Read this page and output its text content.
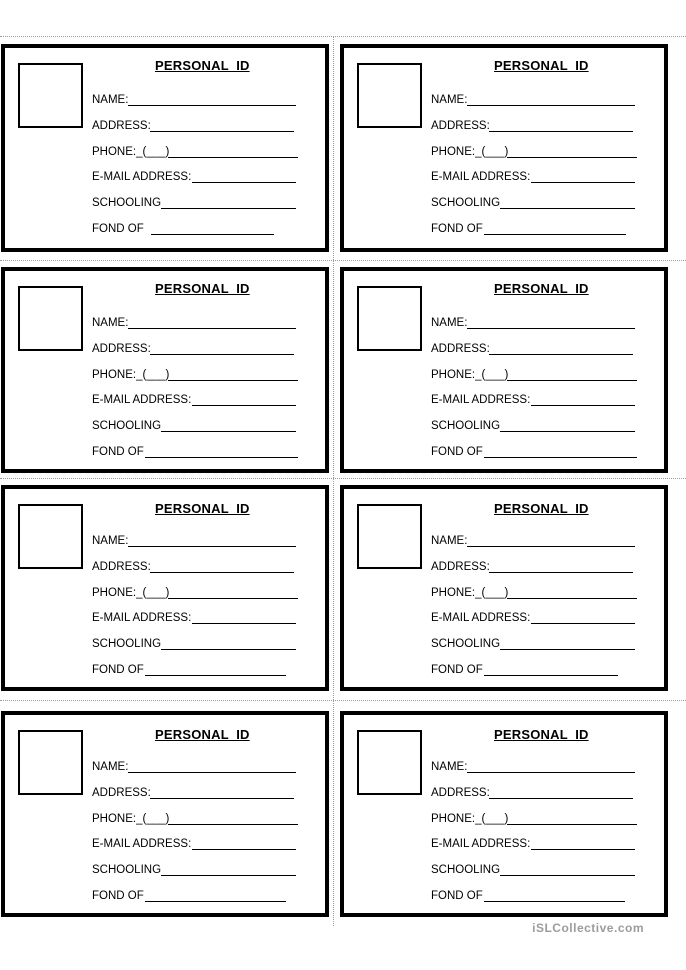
PERSONAL  ID
NAME:
ADDRESS:
PHONE:_(___)
E-MAIL ADDRESS:
SCHOOLING
FOND OF
PERSONAL  ID
NAME:
ADDRESS:
PHONE:_(___)
E-MAIL ADDRESS:
SCHOOLING
FOND OF
PERSONAL  ID
NAME:
ADDRESS:
PHONE:_(___)
E-MAIL ADDRESS:
SCHOOLING
FOND OF
PERSONAL  ID
NAME:
ADDRESS:
PHONE:_(___)
E-MAIL ADDRESS:
SCHOOLING
FOND OF
PERSONAL  ID
NAME:
ADDRESS:
PHONE:_(___)
E-MAIL ADDRESS:
SCHOOLING
FOND OF
PERSONAL  ID
NAME:
ADDRESS:
PHONE:_(___)
E-MAIL ADDRESS:
SCHOOLING
FOND OF
PERSONAL  ID
NAME:
ADDRESS:
PHONE:_(___)
E-MAIL ADDRESS:
SCHOOLING
FOND OF
PERSONAL  ID
NAME:
ADDRESS:
PHONE:_(___)
E-MAIL ADDRESS:
SCHOOLING
FOND OF
iSLCollective.com
